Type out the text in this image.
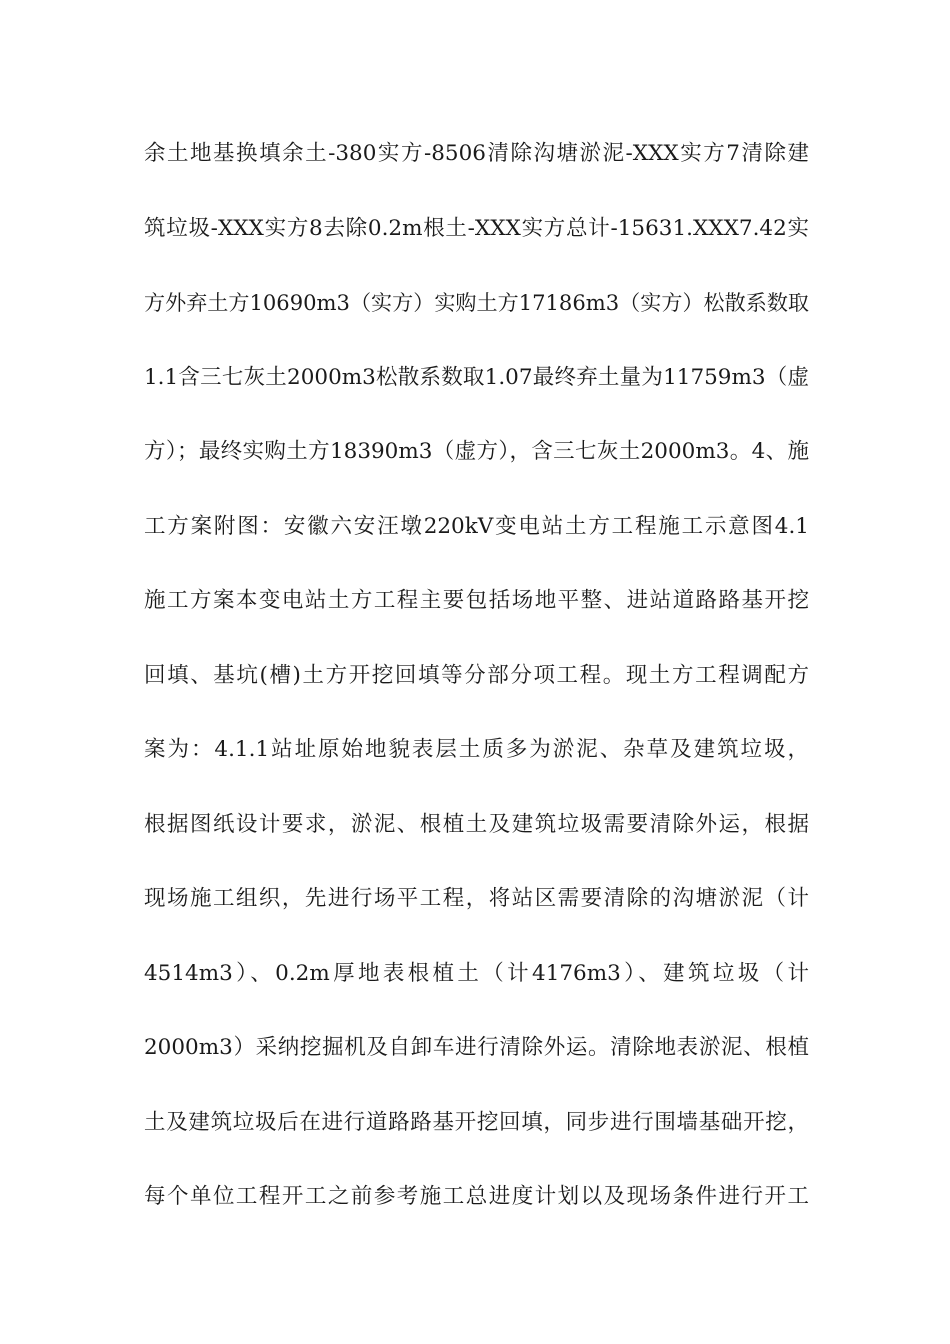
余土地基换填余土-380实方-8506清除沟塘淤泥-XXX实方7清除建
筑垃圾-XXX实方8去除0.2m根土-XXX实方总计-15631.XXX7.42实
方外弃土方10690m3（实方）实购土方17186m3（实方）松散系数取
1.1含三七灰土2000m3松散系数取1.07最终弃土量为11759m3（虚
方）；最终实购土方18390m3（虚方），含三七灰土2000m3。4、施
工方案附图：安徽六安汪墩220kV变电站土方工程施工示意图4.1
施工方案本变电站土方工程主要包括场地平整、进站道路路基开挖
回填、基坑(槽)土方开挖回填等分部分项工程。现土方工程调配方
案为：4.1.1站址原始地貌表层土质多为淤泥、杂草及建筑垃圾，
根据图纸设计要求，淤泥、根植土及建筑垃圾需要清除外运，根据
现场施工组织，先进行场平工程，将站区需要清除的沟塘淤泥（计
4514m3）、0.2m厚地表根植土（计4176m3）、建筑垃圾（计
2000m3）采纳挖掘机及自卸车进行清除外运。清除地表淤泥、根植
土及建筑垃圾后在进行道路路基开挖回填，同步进行围墙基础开挖，
每个单位工程开工之前参考施工总进度计划以及现场条件进行开工
